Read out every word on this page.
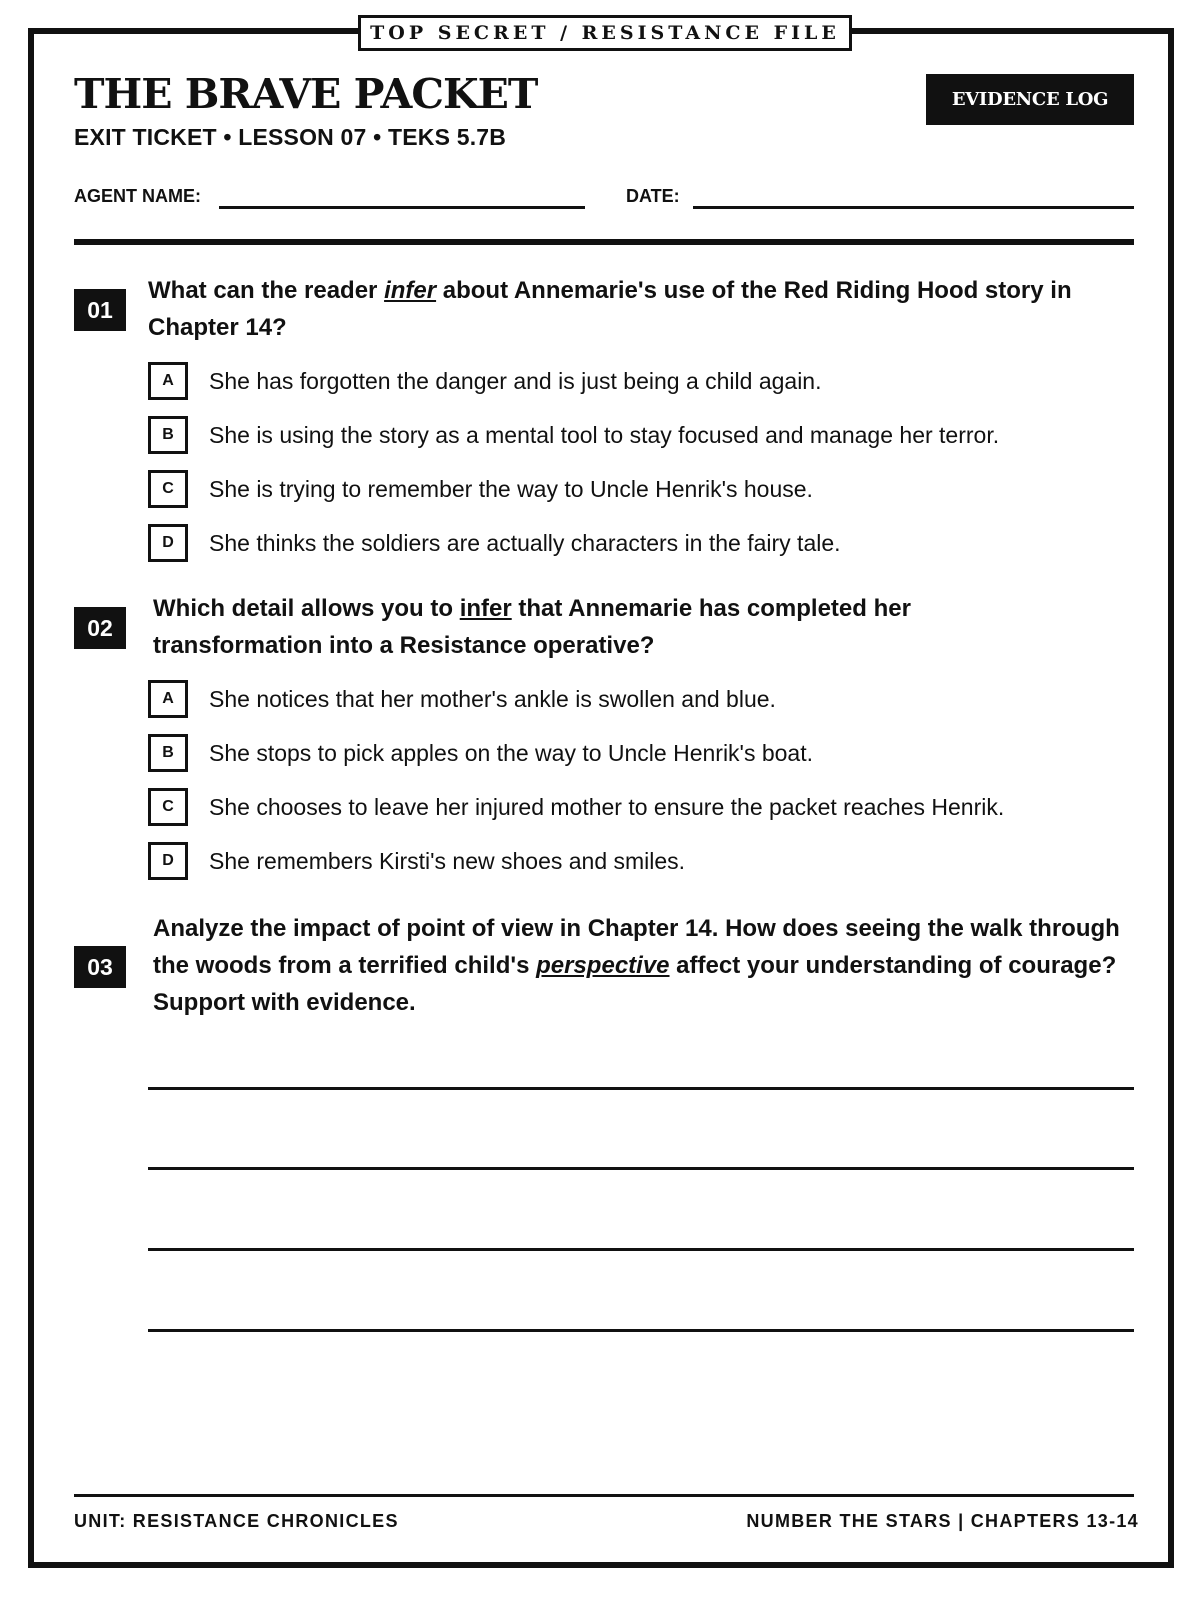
TOP SECRET / RESISTANCE FILE
THE BRAVE PACKET
EXIT TICKET • LESSON 07 • TEKS 5.7B
EVIDENCE LOG
AGENT NAME:	DATE:
01
What can the reader infer about Annemarie's use of the Red Riding Hood story in Chapter 14?
A	She has forgotten the danger and is just being a child again.
B	She is using the story as a mental tool to stay focused and manage her terror.
C	She is trying to remember the way to Uncle Henrik's house.
D	She thinks the soldiers are actually characters in the fairy tale.
02
Which detail allows you to infer that Annemarie has completed her transformation into a Resistance operative?
A	She notices that her mother's ankle is swollen and blue.
B	She stops to pick apples on the way to Uncle Henrik's boat.
C	She chooses to leave her injured mother to ensure the packet reaches Henrik.
D	She remembers Kirsti's new shoes and smiles.
03
Analyze the impact of point of view in Chapter 14. How does seeing the walk through the woods from a terrified child's perspective affect your understanding of courage? Support with evidence.
UNIT: RESISTANCE CHRONICLES	NUMBER THE STARS | CHAPTERS 13-14
